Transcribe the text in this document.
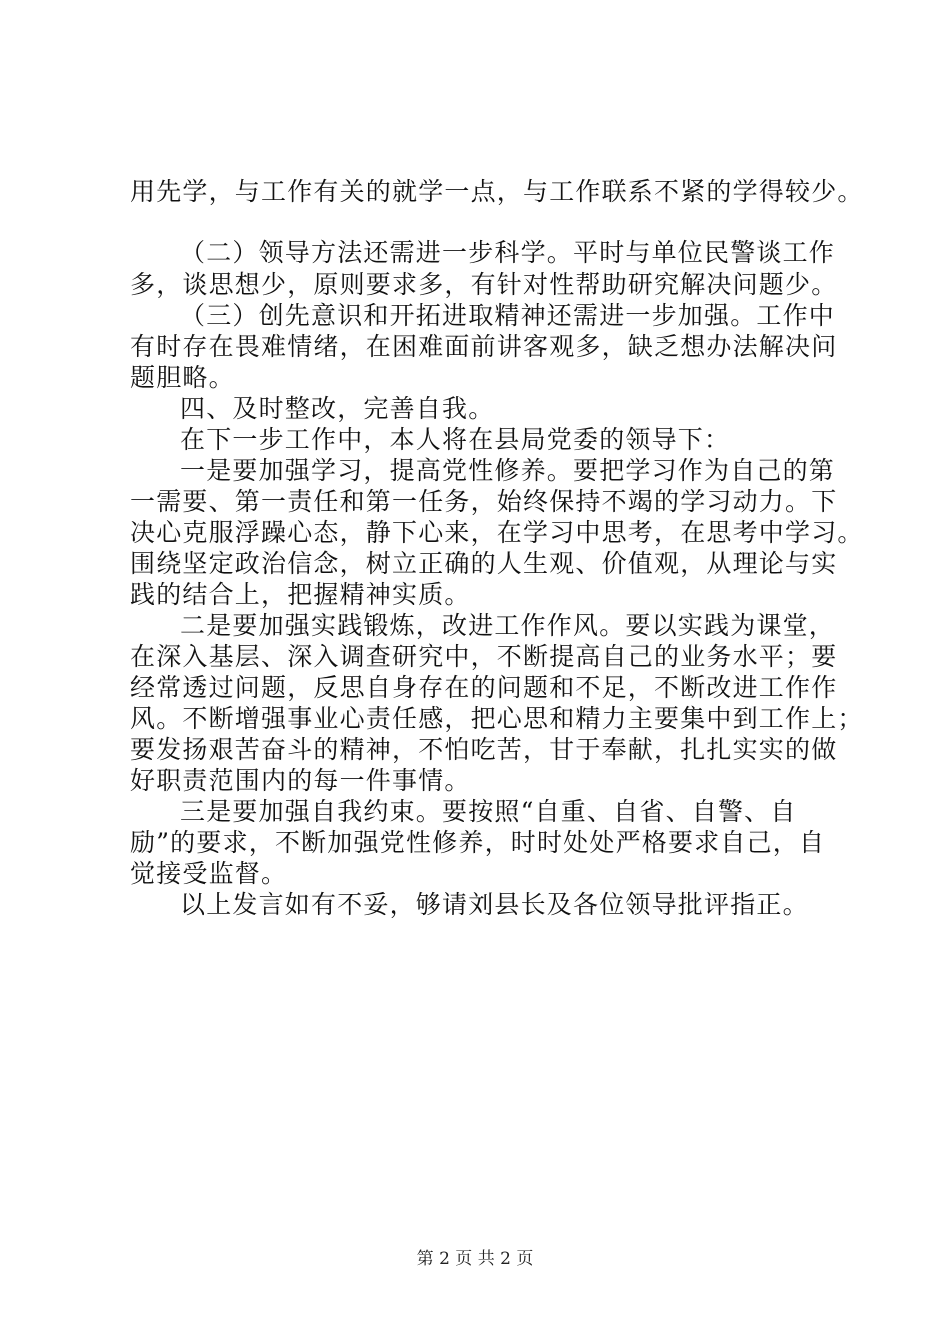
用先学，与工作有关的就学一点，与工作联系不紧的学得较少。
（二）领导方法还需进一步科学。平时与单位民警谈工作
多，谈思想少，原则要求多，有针对性帮助研究解决问题少。
（三）创先意识和开拓进取精神还需进一步加强。工作中
有时存在畏难情绪，在困难面前讲客观多，缺乏想办法解决问
题胆略。
四、及时整改，完善自我。
在下一步工作中，本人将在县局党委的领导下：
一是要加强学习，提高党性修养。要把学习作为自己的第
一需要、第一责任和第一任务，始终保持不竭的学习动力。下
决心克服浮躁心态，静下心来，在学习中思考，在思考中学习。
围绕坚定政治信念，树立正确的人生观、价值观，从理论与实
践的结合上，把握精神实质。
二是要加强实践锻炼，改进工作作风。要以实践为课堂，
在深入基层、深入调查研究中，不断提高自己的业务水平；要
经常透过问题，反思自身存在的问题和不足，不断改进工作作
风。不断增强事业心责任感，把心思和精力主要集中到工作上；
要发扬艰苦奋斗的精神，不怕吃苦，甘于奉献，扎扎实实的做
好职责范围内的每一件事情。
三是要加强自我约束。要按照“自重、自省、自警、自
励”的要求，不断加强党性修养，时时处处严格要求自己，自
觉接受监督。
以上发言如有不妥，够请刘县长及各位领导批评指正。
第 2 页 共 2 页
